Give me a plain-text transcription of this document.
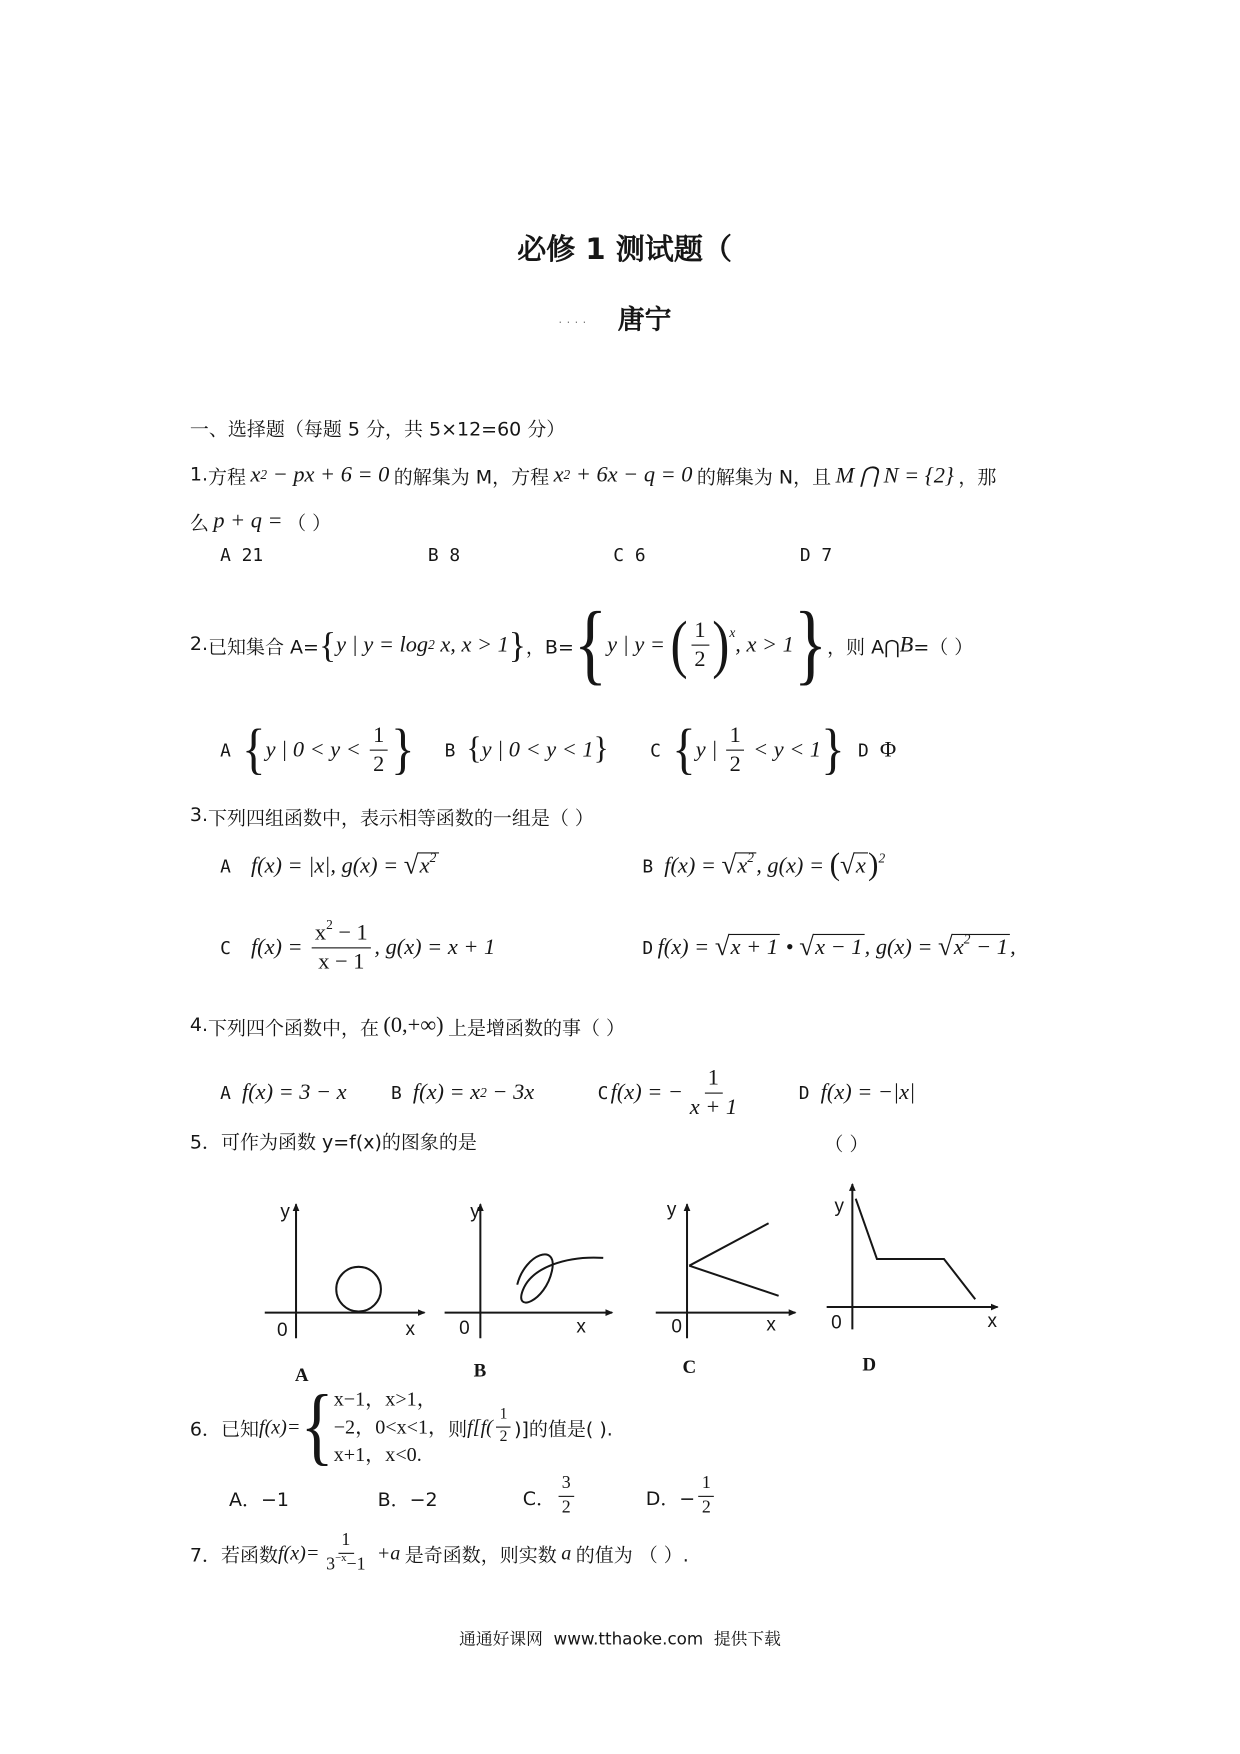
必修 1 测试题（
.... 唐宁
一、选择题（每题 5 分，共 5×12=60 分）
1. 方程 x 2 − px + 6 = 0 的解集为 M，方程 x 2 + 6x − q = 0 的解集为 N，且 M ⋂ N = {2} ，那
么 p + q = （ ）
A 21	B 8	C 6	D 7
2. 已知集合 A= { y | y = log 2 x, x > 1 } ，B= { y | y = ( $\frac{1}{2}$ ) x , x > 1 } ，则 A⋂ B =（ ）
A { y | $0 < y < \frac{1}{2}$ } B { y | 0 < y < 1 }	C { y | $\frac{1}{2} < y < 1$ } D Φ
3. 下列四组函数中，表示相等函数的一组是（ ）
A f(x) = |x|, g(x) = √ $x^2$	B f(x) = √ $x^2$ , g(x) = ( √ x ) 2
C $f(x) = \frac{x^2 - 1}{x - 1}$ , g(x) = x + 1	D f(x) = √ x + 1 • √ x − 1 , g(x) = √ $x^2 - 1$ ,
4. 下列四个函数中，在 (0,+∞) 上是增函数的事（ ）
A f(x) = 3 − x	B f(x) = x 2 − 3x	C f(x) = − $\frac{1}{x + 1}$	D f(x) = −|x|
5． 可作为函数 y=f(x)的图象的是	（ ）
y
0	x
A
y
0	x
B
y
0	x
C
y
0	x
D
6． 已知 f(x)= { x−1，x>1，
−2，0<x<1，
x+1，x<0.
则 $f[f( \frac{1}{2}$ )]的值是( ).
A．−1	B．−2	C． $\frac{3}{2}$	D．− $\frac{1}{2}$
7． 若函数 $f(x)= \frac{1}{3^{-x}-1} +a$ 是奇函数，则实数 a 的值为 （ ）.
通通好课网  www.tthaoke.com  提供下载
